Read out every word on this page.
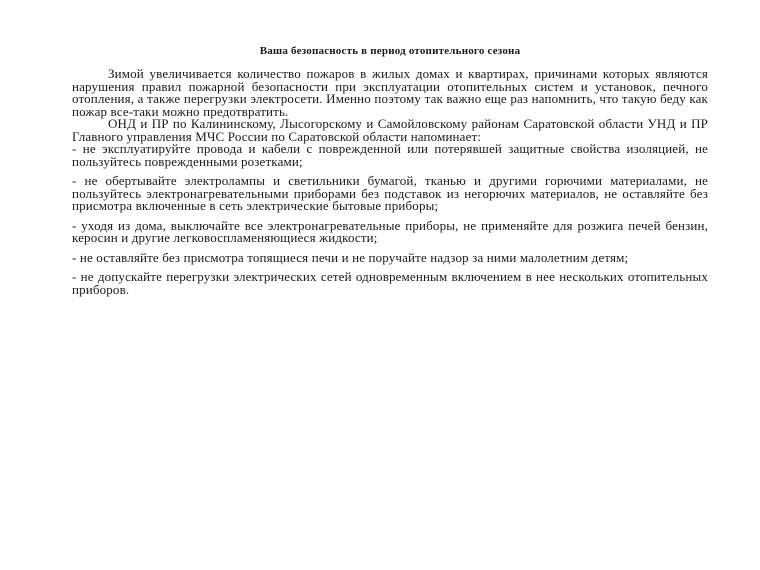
Ваша безопасность в период отопительного сезона

Зимой увеличивается количество пожаров в жилых домах и квартирах, причинами которых являются нарушения правил пожарной безопасности при эксплуатации отопительных систем и установок, печного отопления, а также перегрузки электросети. Именно поэтому так важно еще раз напомнить, что такую беду как пожар все-таки можно предотвратить.

ОНД и ПР по Калининскому, Лысогорскому и Самойловскому районам Саратовской области УНД и ПР Главного управления МЧС России по Саратовской области напоминает:

- не эксплуатируйте провода и кабели с поврежденной или потерявшей защитные свойства изоляцией, не пользуйтесь поврежденными розетками;

- не обертывайте электролампы и светильники бумагой, тканью и другими горючими материалами, не пользуйтесь электронагревательными приборами без подставок из негорючих материалов, не оставляйте без присмотра включенные в сеть электрические бытовые приборы;

- уходя из дома, выключайте все электронагревательные приборы, не применяйте для розжига печей бензин, керосин и другие легковоспламеняющиеся жидкости;

- не оставляйте без присмотра топящиеся печи и не поручайте надзор за ними малолетним детям;

- не допускайте перегрузки электрических сетей одновременным включением в нее нескольких отопительных приборов.
